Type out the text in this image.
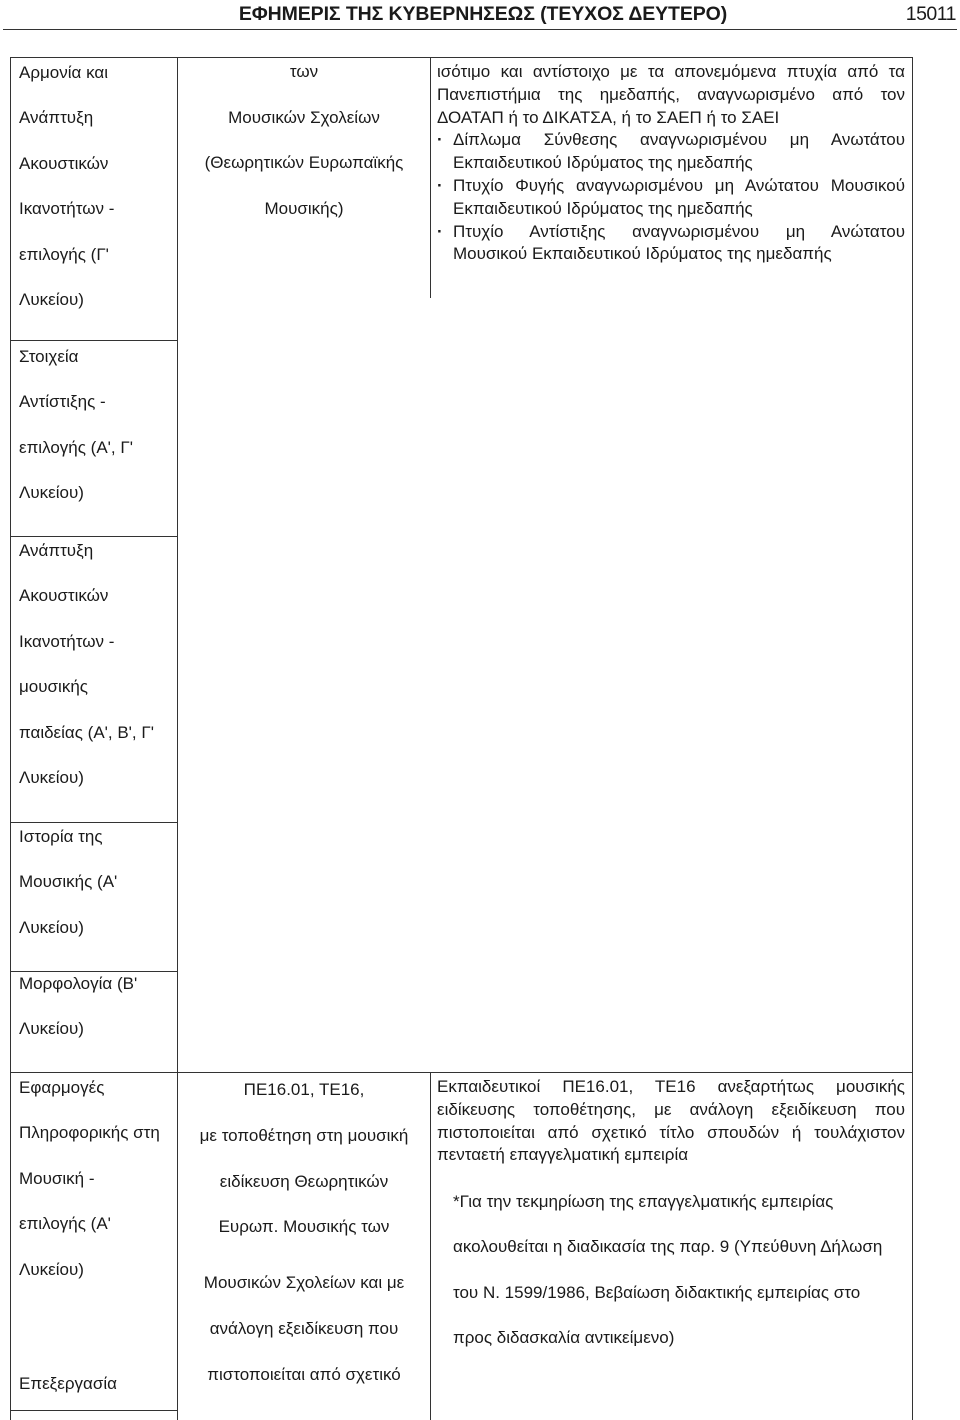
ΕΦΗΜΕΡΙΣ ΤΗΣ ΚΥΒΕΡΝΗΣΕΩΣ (ΤΕΥΧΟΣ ΔΕΥΤΕΡΟ)	15011
Αρμονία και
Ανάπτυξη
Ακουστικών
Ικανοτήτων -
επιλογής (Γ'
Λυκείου)
Στοιχεία
Αντίστιξης -
επιλογής (Α', Γ'
Λυκείου)
Ανάπτυξη
Ακουστικών
Ικανοτήτων -
μουσικής
παιδείας (Α', Β', Γ'
Λυκείου)
Ιστορία της
Μουσικής (Α'
Λυκείου)
Μορφολογία (Β'
Λυκείου)
Εφαρμογές
Πληροφορικής στη
Μουσική -
επιλογής (Α'
Λυκείου)
Επεξεργασία
των
Μουσικών Σχολείων
(Θεωρητικών Ευρωπαϊκής
Μουσικής)
ΠΕ16.01, ΤΕ16,
με τοποθέτηση στη μουσική
ειδίκευση Θεωρητικών
Ευρωπ. Μουσικής των
Μουσικών Σχολείων και με
ανάλογη εξειδίκευση που
πιστοποιείται από σχετικό
ισότιμο και αντίστοιχο με τα απονεμόμενα πτυχία από τα
Πανεπιστήμια της ημεδαπής, αναγνωρισμένο από τον
ΔΟΑΤΑΠ ή το ΔΙΚΑΤΣΑ, ή το ΣΑΕΠ ή το ΣΑΕΙ
· Δίπλωμα Σύνθεσης αναγνωρισμένου μη Ανωτάτου
Εκπαιδευτικού Ιδρύματος της ημεδαπής
· Πτυχίο Φυγής αναγνωρισμένου μη Ανώτατου Μουσικού
Εκπαιδευτικού Ιδρύματος της ημεδαπής
· Πτυχίο Αντίστιξης αναγνωρισμένου μη Ανώτατου
Μουσικού Εκπαιδευτικού Ιδρύματος της ημεδαπής
Εκπαιδευτικοί ΠΕ16.01, ΤΕ16 ανεξαρτήτως μουσικής
ειδίκευσης τοποθέτησης, με ανάλογη εξειδίκευση που
πιστοποιείται από σχετικό τίτλο σπουδών ή τουλάχιστον
πενταετή επαγγελματική εμπειρία
*Για την τεκμηρίωση της επαγγελματικής εμπειρίας
ακολουθείται η διαδικασία της παρ. 9 (Υπεύθυνη Δήλωση
του Ν. 1599/1986, Βεβαίωση διδακτικής εμπειρίας στο
προς διδασκαλία αντικείμενο)
